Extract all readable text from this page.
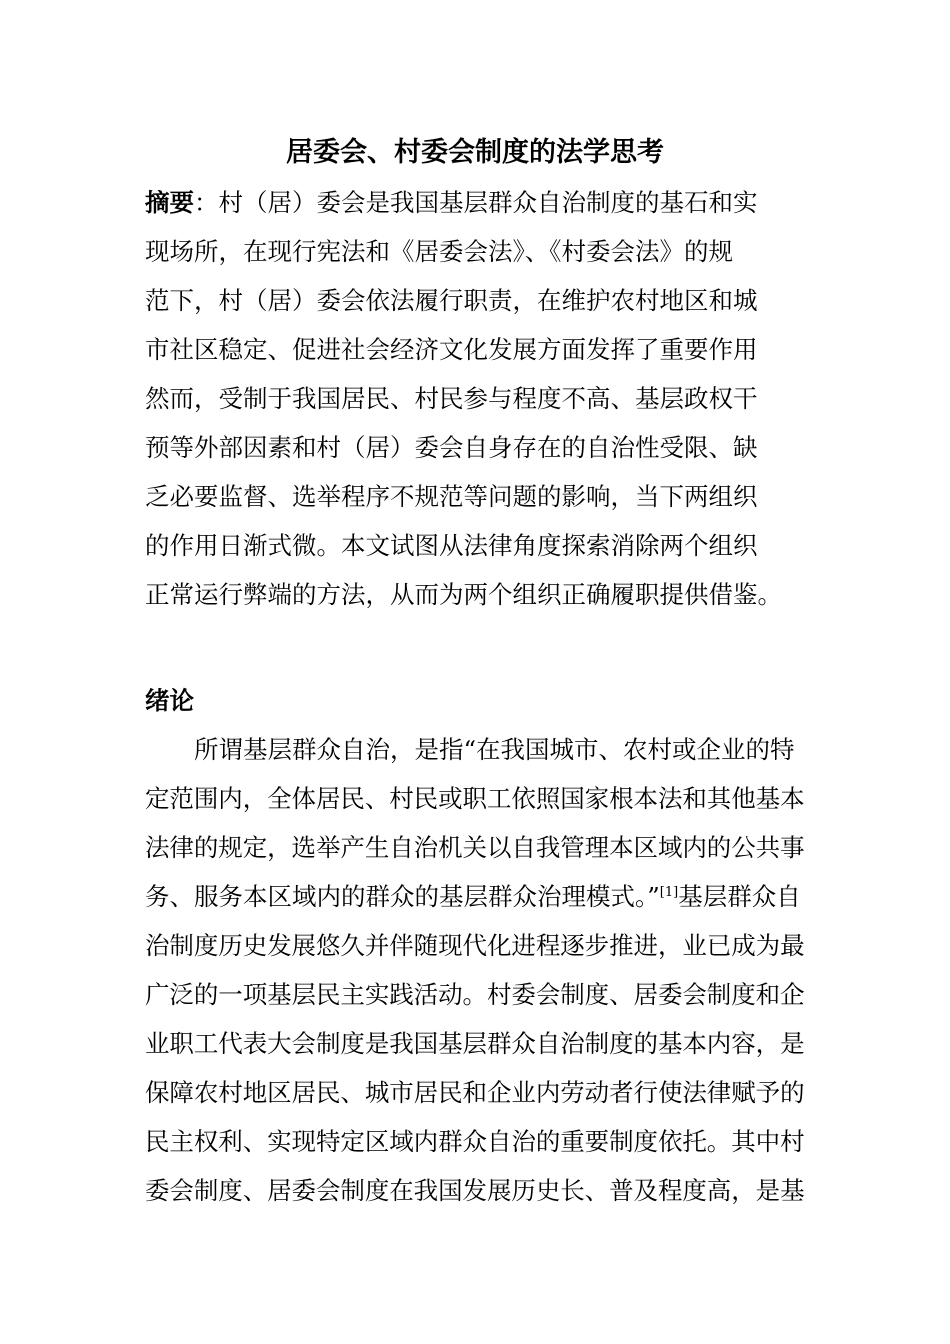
居委会、村委会制度的法学思考
摘要：村（居）委会是我国基层群众自治制度的基石和实
现场所，在现行宪法和《居委会法》、《村委会法》的规
范下，村（居）委会依法履行职责，在维护农村地区和城
市社区稳定、促进社会经济文化发展方面发挥了重要作用
然而，受制于我国居民、村民参与程度不高、基层政权干
预等外部因素和村（居）委会自身存在的自治性受限、缺
乏必要监督、选举程序不规范等问题的影响，当下两组织
的作用日渐式微。本文试图从法律角度探索消除两个组织
正常运行弊端的方法，从而为两个组织正确履职提供借鉴。
绪论
所谓基层群众自治，是指“在我国城市、农村或企业的特
定范围内，全体居民、村民或职工依照国家根本法和其他基本
法律的规定，选举产生自治机关以自我管理本区域内的公共事
务、服务本区域内的群众的基层群众治理模式。”[1]基层群众自
治制度历史发展悠久并伴随现代化进程逐步推进，业已成为最
广泛的一项基层民主实践活动。村委会制度、居委会制度和企
业职工代表大会制度是我国基层群众自治制度的基本内容，是
保障农村地区居民、城市居民和企业内劳动者行使法律赋予的
民主权利、实现特定区域内群众自治的重要制度依托。其中村
委会制度、居委会制度在我国发展历史长、普及程度高，是基
